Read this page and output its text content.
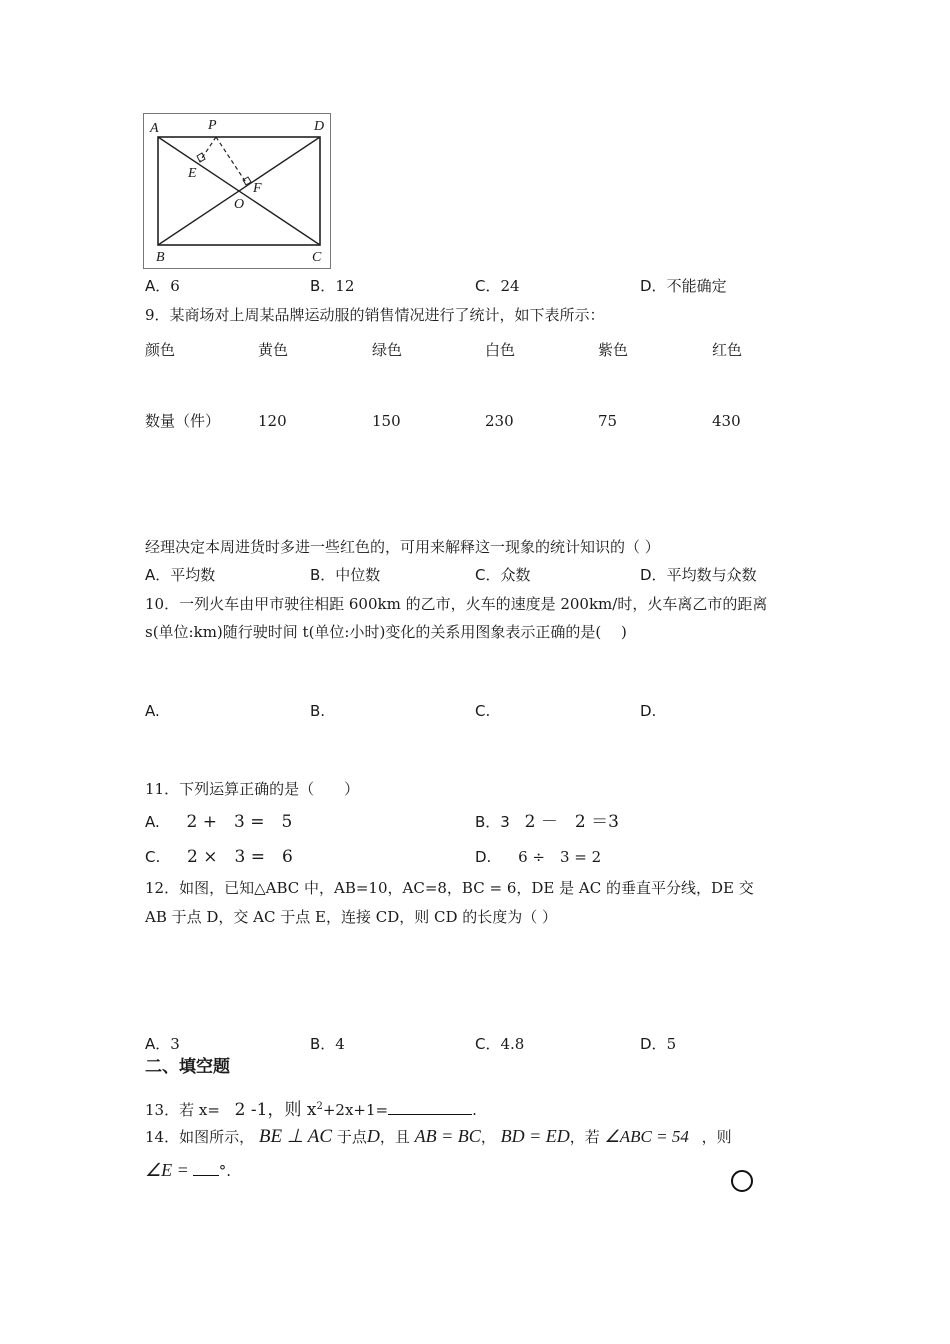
A	P	D
E
F
O
B	C
A．6	B．12	C．24	D．不能确定
9．某商场对上周某品牌运动服的销售情况进行了统计，如下表所示：
颜色	黄色	绿色	白色	紫色	红色
数量（件）	120	150	230	75	430
经理决定本周进货时多进一些红色的，可用来解释这一现象的统计知识的（ ）
A．平均数	B．中位数	C．众数	D．平均数与众数
10．一列火车由甲市驶往相距 600km 的乙市，火车的速度是 200km/时，火车离乙市的距离
s(单位:km)随行驶时间 t(单位:小时)变化的关系用图象表示正确的是(　 )
A.	B.	C.	D.
11．下列运算正确的是（　　）
A. 2 +　3 =　5	B．3 2 －　2 ＝3
C. 2 ×　3 =　6	D. 6 ÷　3 = 2
12．如图，已知△ABC 中，AB=10，AC=8，BC = 6，DE 是 AC 的垂直平分线，DE 交
AB 于点 D，交 AC 于点 E，连接 CD，则 CD 的长度为（ ）
A．3	B．4	C．4.8	D．5
二、填空题
13．若 x= 2 -1，则 $x^2+2x+1=$	.
14．如图所示， BE ⊥ AC 于点D，且 AB = BC， BD = ED，若 ∠ABC = 54 ，则
∠E = °.
